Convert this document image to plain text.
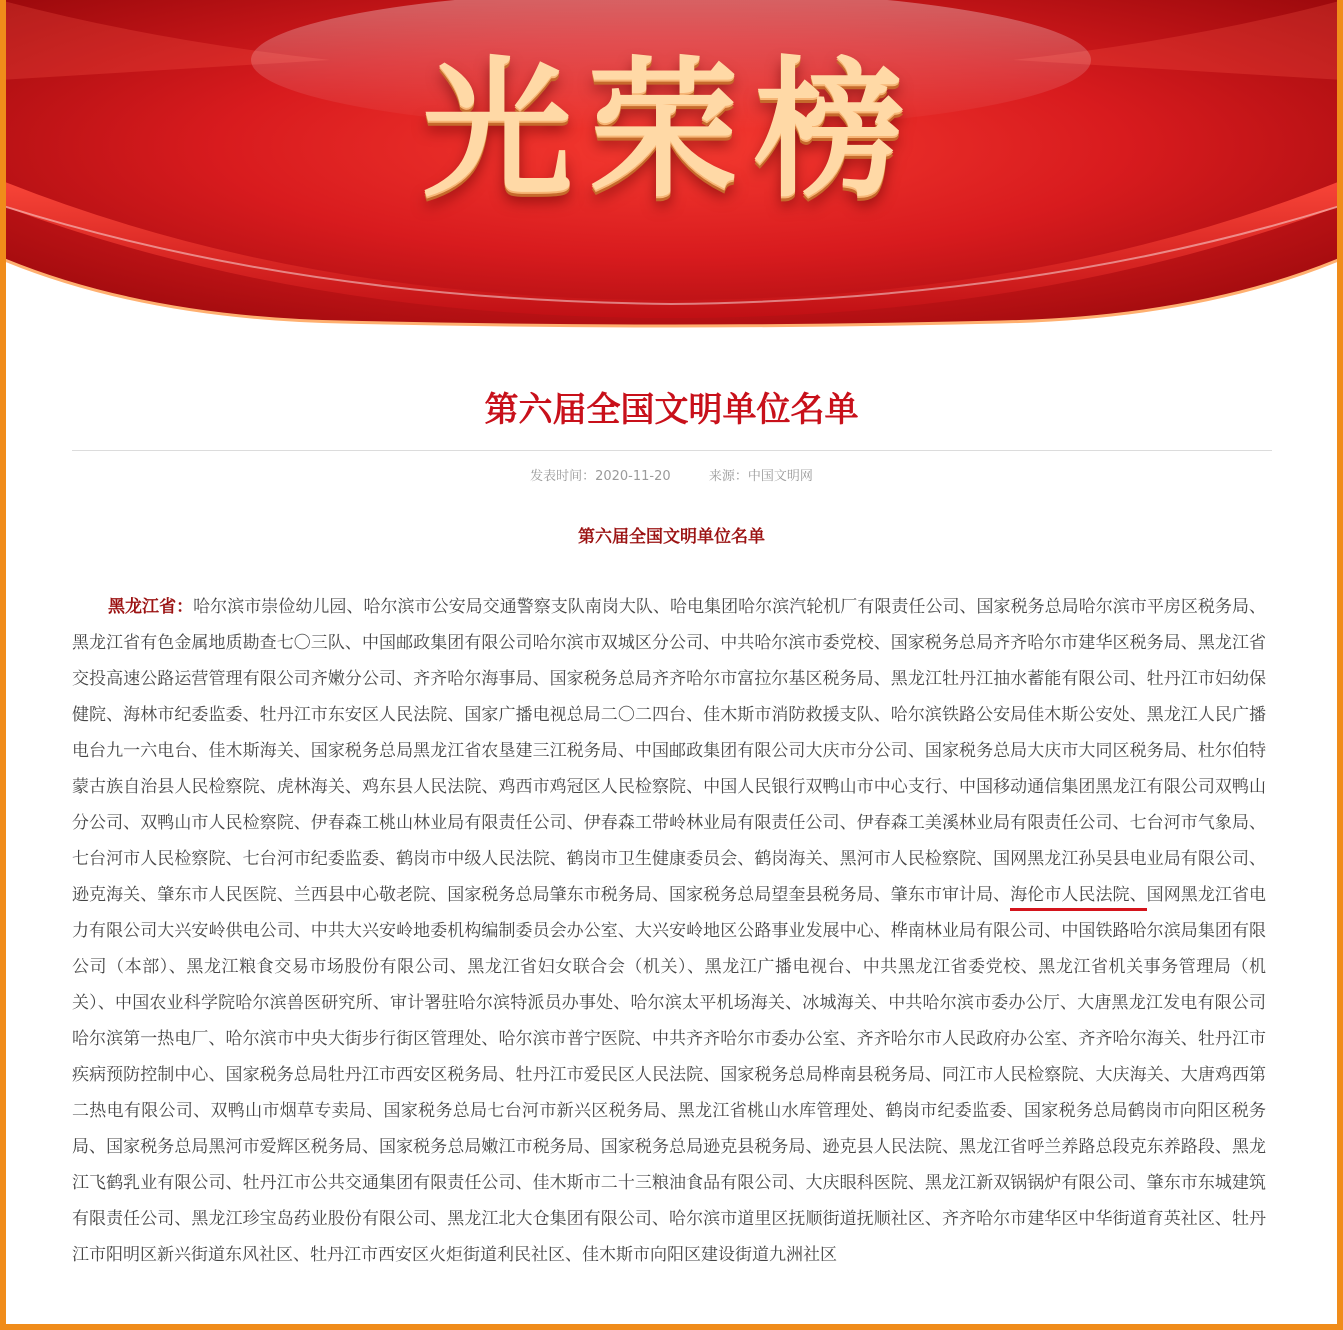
光荣榜
第六届全国文明单位名单
发表时间：2020-11-20	来源：中国文明网
第六届全国文明单位名单

黑龙江省：哈尔滨市崇俭幼儿园、哈尔滨市公安局交通警察支队南岗大队、哈电集团哈尔滨汽轮机厂有限责任公司、国家税务总局哈尔滨市平房区税务局、黑龙江省有色金属地质勘查七〇三队、中国邮政集团有限公司哈尔滨市双城区分公司、中共哈尔滨市委党校、国家税务总局齐齐哈尔市建华区税务局、黑龙江省交投高速公路运营管理有限公司齐嫩分公司、齐齐哈尔海事局、国家税务总局齐齐哈尔市富拉尔基区税务局、黑龙江牡丹江抽水蓄能有限公司、牡丹江市妇幼保健院、海林市纪委监委、牡丹江市东安区人民法院、国家广播电视总局二〇二四台、佳木斯市消防救援支队、哈尔滨铁路公安局佳木斯公安处、黑龙江人民广播电台九一六电台、佳木斯海关、国家税务总局黑龙江省农垦建三江税务局、中国邮政集团有限公司大庆市分公司、国家税务总局大庆市大同区税务局、杜尔伯特蒙古族自治县人民检察院、虎林海关、鸡东县人民法院、鸡西市鸡冠区人民检察院、中国人民银行双鸭山市中心支行、中国移动通信集团黑龙江有限公司双鸭山分公司、双鸭山市人民检察院、伊春森工桃山林业局有限责任公司、伊春森工带岭林业局有限责任公司、伊春森工美溪林业局有限责任公司、七台河市气象局、七台河市人民检察院、七台河市纪委监委、鹤岗市中级人民法院、鹤岗市卫生健康委员会、鹤岗海关、黑河市人民检察院、国网黑龙江孙吴县电业局有限公司、逊克海关、肇东市人民医院、兰西县中心敬老院、国家税务总局肇东市税务局、国家税务总局望奎县税务局、肇东市审计局、海伦市人民法院、国网黑龙江省电力有限公司大兴安岭供电公司、中共大兴安岭地委机构编制委员会办公室、大兴安岭地区公路事业发展中心、桦南林业局有限公司、中国铁路哈尔滨局集团有限公司（本部）、黑龙江粮食交易市场股份有限公司、黑龙江省妇女联合会（机关）、黑龙江广播电视台、中共黑龙江省委党校、黑龙江省机关事务管理局（机关）、中国农业科学院哈尔滨兽医研究所、审计署驻哈尔滨特派员办事处、哈尔滨太平机场海关、冰城海关、中共哈尔滨市委办公厅、大唐黑龙江发电有限公司哈尔滨第一热电厂、哈尔滨市中央大街步行街区管理处、哈尔滨市普宁医院、中共齐齐哈尔市委办公室、齐齐哈尔市人民政府办公室、齐齐哈尔海关、牡丹江市疾病预防控制中心、国家税务总局牡丹江市西安区税务局、牡丹江市爱民区人民法院、国家税务总局桦南县税务局、同江市人民检察院、大庆海关、大唐鸡西第二热电有限公司、双鸭山市烟草专卖局、国家税务总局七台河市新兴区税务局、黑龙江省桃山水库管理处、鹤岗市纪委监委、国家税务总局鹤岗市向阳区税务局、国家税务总局黑河市爱辉区税务局、国家税务总局嫩江市税务局、国家税务总局逊克县税务局、逊克县人民法院、黑龙江省呼兰养路总段克东养路段、黑龙江飞鹤乳业有限公司、牡丹江市公共交通集团有限责任公司、佳木斯市二十三粮油食品有限公司、大庆眼科医院、黑龙江新双锅锅炉有限公司、肇东市东城建筑有限责任公司、黑龙江珍宝岛药业股份有限公司、黑龙江北大仓集团有限公司、哈尔滨市道里区抚顺街道抚顺社区、齐齐哈尔市建华区中华街道育英社区、牡丹江市阳明区新兴街道东风社区、牡丹江市西安区火炬街道利民社区、佳木斯市向阳区建设街道九洲社区
